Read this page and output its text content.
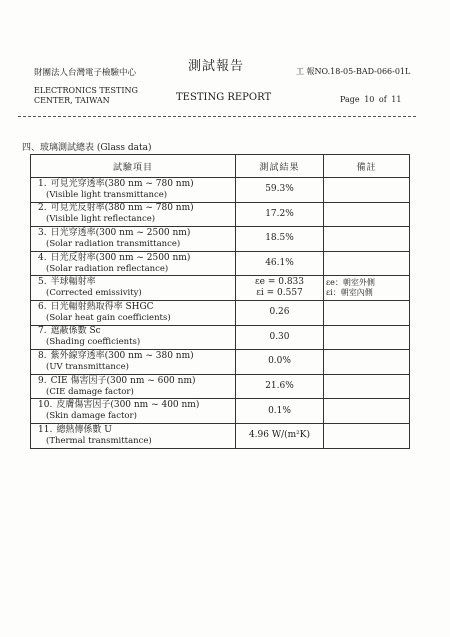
財團法人台灣電子檢驗中心	測試報告	工 報NO.18-05-BAD-066-01L
ELECTRONICS TESTING
CENTER, TAIWAN	TESTING REPORT	Page 10 of 11
四、玻璃測試總表 (Glass data)
試驗項目	測試結果	備註

1. 可見光穿透率(380 nm ~ 780 nm)
(Visible light transmittance)	59.3%	

2. 可見光反射率(380 nm ~ 780 nm)
(Visible light reflectance)	17.2%	

3. 日光穿透率(300 nm ~ 2500 nm)
(Solar radiation transmittance)	18.5%	

4. 日光反射率(300 nm ~ 2500 nm)
(Solar radiation reflectance)	46.1%	

5. 半球輻射率
(Corrected emissivity)	εe = 0.833
εi = 0.557	εe：朝室外側
εi：朝室內側

6. 日光輻射熱取得率 SHGC
(Solar heat gain coefficients)	0.26	

7. 遮蔽係數 Sc
(Shading coefficients)	0.30	

8. 紫外線穿透率(300 nm ~ 380 nm)
(UV transmittance)	0.0%	

9. CIE 傷害因子(300 nm ~ 600 nm)
(CIE damage factor)	21.6%	

10. 皮膚傷害因子(300 nm ~ 400 nm)
(Skin damage factor)	0.1%	

11. 總熱傳係數 U
(Thermal transmittance)	4.96 W/(m²K)	
